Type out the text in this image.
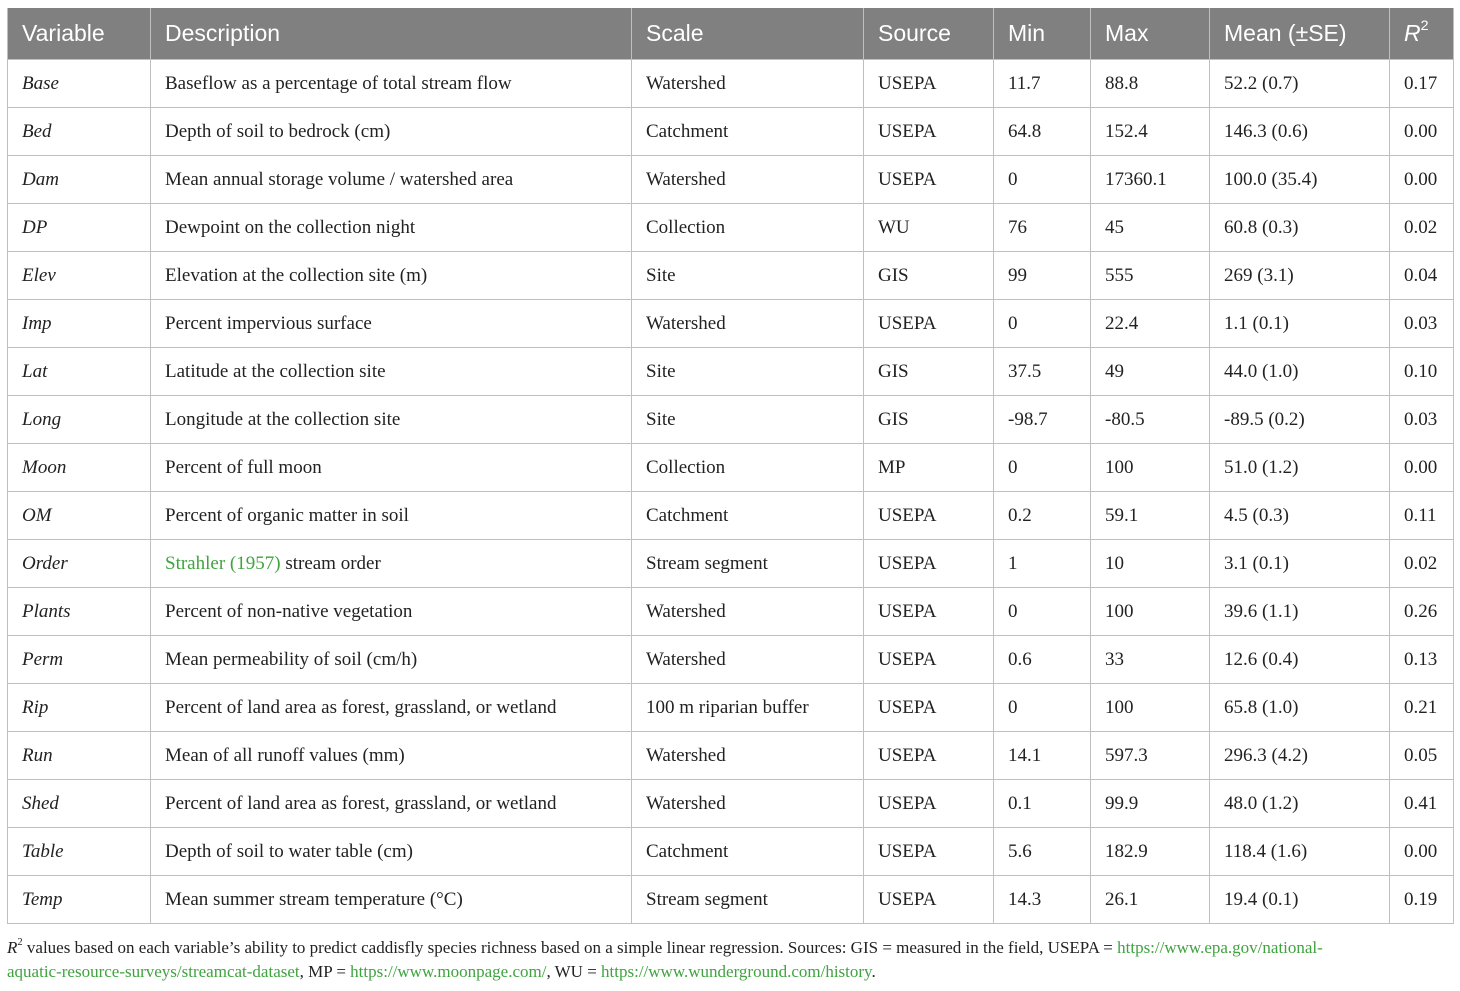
Variable	Description	Scale	Source	Min	Max	Mean (±SE)	$R^2$
Base	Baseflow as a percentage of total stream flow	Watershed	USEPA	11.7	88.8	52.2 (0.7)	0.17
Bed	Depth of soil to bedrock (cm)	Catchment	USEPA	64.8	152.4	146.3 (0.6)	0.00
Dam	Mean annual storage volume / watershed area	Watershed	USEPA	0	17360.1	100.0 (35.4)	0.00
DP	Dewpoint on the collection night	Collection	WU	76	45	60.8 (0.3)	0.02
Elev	Elevation at the collection site (m)	Site	GIS	99	555	269 (3.1)	0.04
Imp	Percent impervious surface	Watershed	USEPA	0	22.4	1.1 (0.1)	0.03
Lat	Latitude at the collection site	Site	GIS	37.5	49	44.0 (1.0)	0.10
Long	Longitude at the collection site	Site	GIS	-98.7	-80.5	-89.5 (0.2)	0.03
Moon	Percent of full moon	Collection	MP	0	100	51.0 (1.2)	0.00
OM	Percent of organic matter in soil	Catchment	USEPA	0.2	59.1	4.5 (0.3)	0.11
Order	Strahler (1957) stream order	Stream segment	USEPA	1	10	3.1 (0.1)	0.02
Plants	Percent of non-native vegetation	Watershed	USEPA	0	100	39.6 (1.1)	0.26
Perm	Mean permeability of soil (cm/h)	Watershed	USEPA	0.6	33	12.6 (0.4)	0.13
Rip	Percent of land area as forest, grassland, or wetland	100 m riparian buffer	USEPA	0	100	65.8 (1.0)	0.21
Run	Mean of all runoff values (mm)	Watershed	USEPA	14.1	597.3	296.3 (4.2)	0.05
Shed	Percent of land area as forest, grassland, or wetland	Watershed	USEPA	0.1	99.9	48.0 (1.2)	0.41
Table	Depth of soil to water table (cm)	Catchment	USEPA	5.6	182.9	118.4 (1.6)	0.00
Temp	Mean summer stream temperature (°C)	Stream segment	USEPA	14.3	26.1	19.4 (0.1)	0.19
$R^2$ values based on each variable’s ability to predict caddisfly species richness based on a simple linear regression. Sources: GIS = measured in the field, USEPA = https://www.epa.gov/national-
aquatic-resource-surveys/streamcat-dataset, MP = https://www.moonpage.com/, WU = https://www.wunderground.com/history.
